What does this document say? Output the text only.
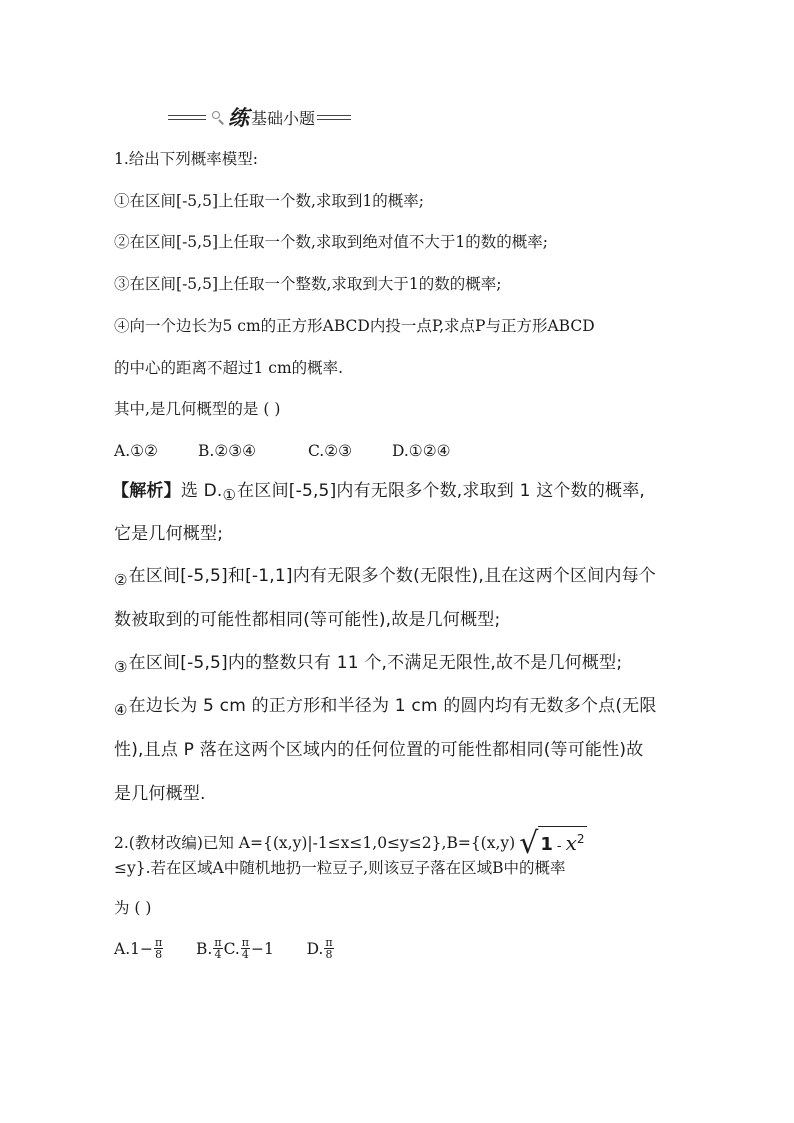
练 基础小题
1.给出下列概率模型:
①在区间[-5,5]上任取一个数,求取到1的概率;
②在区间[-5,5]上任取一个数,求取到绝对值不大于1的数的概率;
③在区间[-5,5]上任取一个整数,求取到大于1的数的概率;
④向一个边长为5 cm的正方形ABCD内投一点P,求点P与正方形ABCD
的中心的距离不超过1 cm的概率.
其中,是几何概型的是 ( )
A.①②	B.②③④	C.②③	D.①②④
【解析】选 D.①在区间[-5,5]内有无限多个数,求取到 1 这个数的概率,
它是几何概型;
②在区间[-5,5]和[-1,1]内有无限多个数(无限性),且在这两个区间内每个
数被取到的可能性都相同(等可能性),故是几何概型;
③在区间[-5,5]内的整数只有 11 个,不满足无限性,故不是几何概型;
④在边长为 5 cm 的正方形和半径为 1 cm 的圆内均有无数多个点(无限
性),且点 P 落在这两个区域内的任何位置的可能性都相同(等可能性)故
是几何概型.
2.(教材改编)已知 A={(x,y)|-1≤x≤1,0≤y≤2},B={(x,y) √ $1 - x^2$
≤y}.若在区域A中随机地扔一粒豆子,则该豆子落在区域B中的概率
为 ( )
$A.1- \frac{\pi}{8} B$. $\frac{\pi}{4} C$. $\frac{\pi}{4} -1$ D. $\frac{\pi}{8}$
